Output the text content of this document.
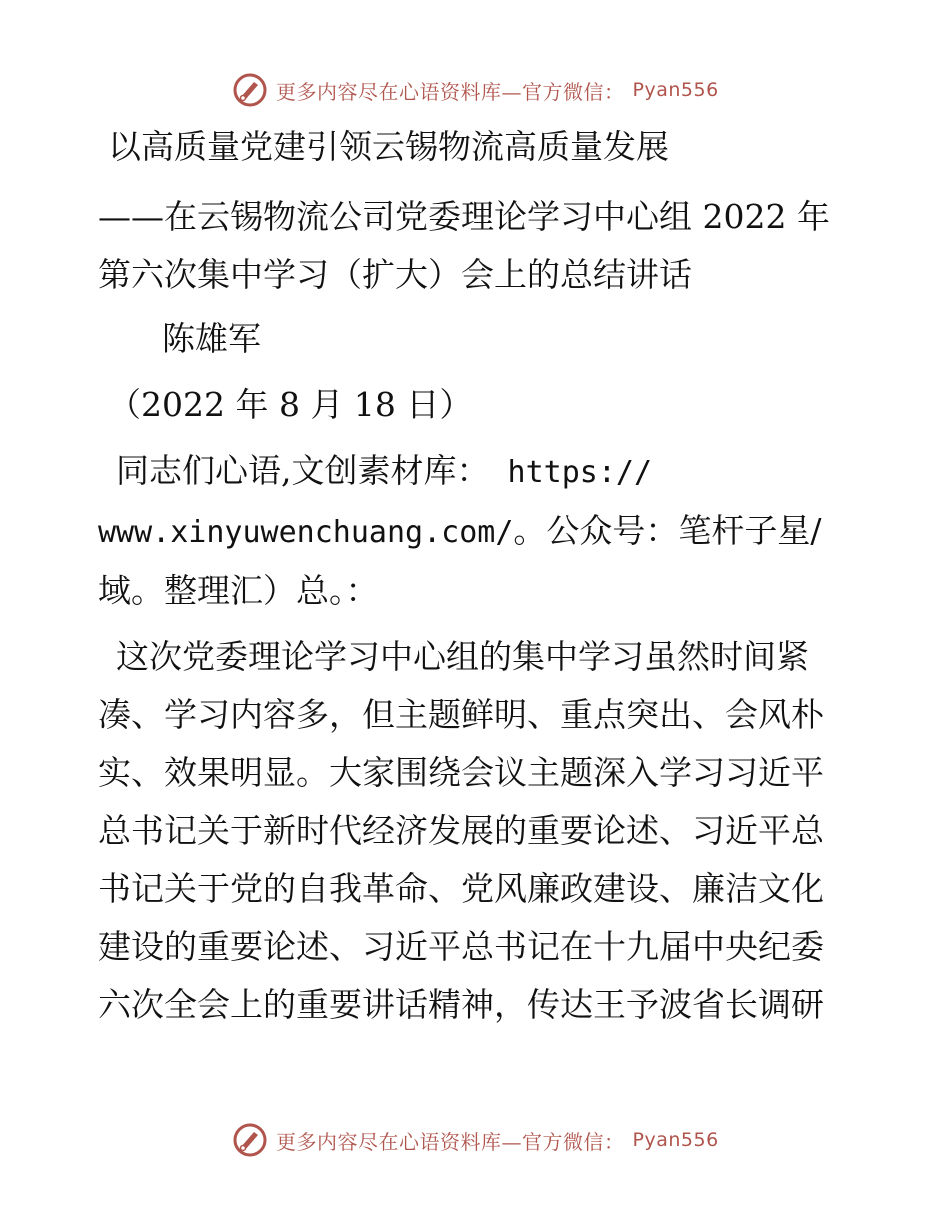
更多内容尽在心语资料库—官方微信： Pyan556
以高质量党建引领云锡物流高质量发展
——在云锡物流公司党委理论学习中心组 2022 年
第六次集中学习（扩大）会上的总结讲话
陈雄军
（2022 年 8 月 18 日）
同志们心语,文创素材库： https://
www.xinyuwenchuang.com/。公众号：笔杆子星/
域。整理汇）总。：
这次党委理论学习中心组的集中学习虽然时间紧
凑、学习内容多，但主题鲜明、重点突出、会风朴
实、效果明显。大家围绕会议主题深入学习习近平
总书记关于新时代经济发展的重要论述、习近平总
书记关于党的自我革命、党风廉政建设、廉洁文化
建设的重要论述、习近平总书记在十九届中央纪委
六次全会上的重要讲话精神，传达王予波省长调研
更多内容尽在心语资料库—官方微信： Pyan556
